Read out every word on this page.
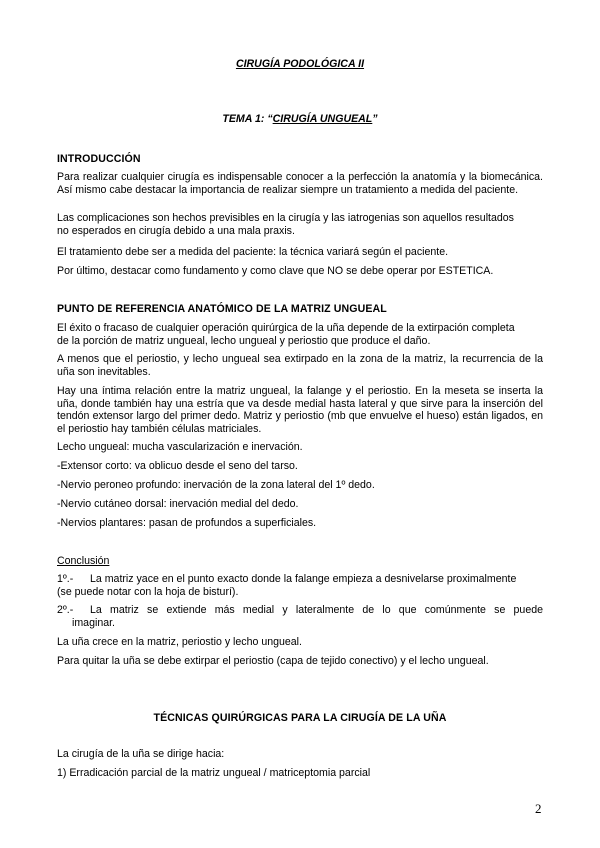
CIRUGÍA PODOLÓGICA II
TEMA 1: “CIRUGÍA UNGUEAL”
INTRODUCCIÓN
Para realizar cualquier cirugía es indispensable conocer a la perfección la anatomía y la biomecánica. Así mismo cabe destacar la importancia de realizar siempre un tratamiento a medida del paciente.
Las complicaciones son hechos previsibles en la cirugía y las iatrogenias son aquellos resultados
no esperados en cirugía debido a una mala praxis.
El tratamiento debe ser a medida del paciente: la técnica variará según el paciente.
Por último, destacar como fundamento y como clave que NO se debe operar por ESTETICA.
PUNTO DE REFERENCIA ANATÓMICO DE LA MATRIZ UNGUEAL
El éxito o fracaso de cualquier operación quirúrgica de la uña depende de la extirpación completa
de la porción de matriz ungueal, lecho ungueal y periostio que produce el daño.
A menos que el periostio, y lecho ungueal sea extirpado en la zona de la matriz, la recurrencia de la uña son inevitables.
Hay una íntima relación entre la matriz ungueal, la falange y el periostio. En la meseta se inserta la uña, donde también hay una estría que va desde medial hasta lateral y que sirve para la inserción del tendón extensor largo del primer dedo. Matriz y periostio (mb que envuelve el hueso) están ligados, en el periostio hay también células matriciales.
Lecho ungueal: mucha vascularización e inervación.
-Extensor corto: va oblicuo desde el seno del tarso.
-Nervio peroneo profundo: inervación de la zona lateral del 1º dedo.
-Nervio cutáneo dorsal: inervación medial del dedo.
-Nervios plantares: pasan de profundos a superficiales.
Conclusión
1º.- La matriz yace en el punto exacto donde la falange empieza a desnivelarse proximalmente
(se puede notar con la hoja de bisturí).
2º.- La matriz se extiende más medial y lateralmente de lo que comúnmente se puede
imaginar.
La uña crece en la matriz, periostio y lecho ungueal.
Para quitar la uña se debe extirpar el periostio (capa de tejido conectivo) y el lecho ungueal.
TÉCNICAS QUIRÚRGICAS PARA LA CIRUGÍA DE LA UÑA
La cirugía de la uña se dirige hacia:
1) Erradicación parcial de la matriz ungueal / matriceptomia parcial
2
